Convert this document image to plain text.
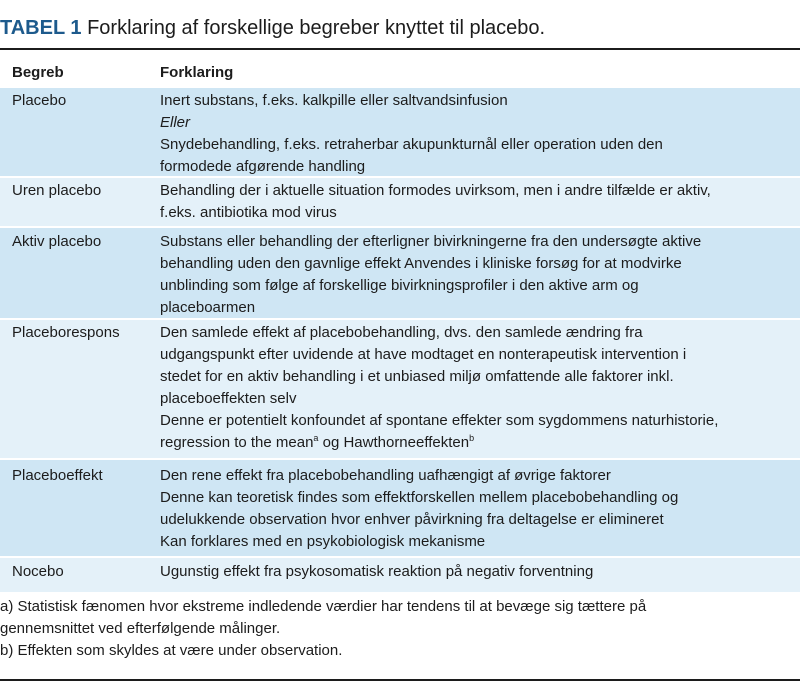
TABEL 1 Forklaring af forskellige begreber knyttet til placebo.
Begreb	Forklaring
Placebo	Inert substans, f.eks. kalkpille eller saltvandsinfusion
Eller
Snydebehandling, f.eks. retraherbar akupunkturnål eller operation uden den
formodede afgørende handling
Uren placebo	Behandling der i aktuelle situation formodes uvirksom, men i andre tilfælde er aktiv,
f.eks. antibiotika mod virus
Aktiv placebo	Substans eller behandling der efterligner bivirkningerne fra den undersøgte aktive
behandling uden den gavnlige effekt Anvendes i kliniske forsøg for at modvirke
unblinding som følge af forskellige bivirkningsprofiler i den aktive arm og
placeboarmen
Placeborespons	Den samlede effekt af placebobehandling, dvs. den samlede ændring fra
udgangspunkt efter uvidende at have modtaget en nonterapeutisk intervention i
stedet for en aktiv behandling i et unbiased miljø omfattende alle faktorer inkl.
placeboeffekten selv
Denne er potentielt konfoundet af spontane effekter som sygdommens naturhistorie,
regression to the mean$^a$ og Hawthorneeffekten$^b$
Placeboeffekt	Den rene effekt fra placebobehandling uafhængigt af øvrige faktorer
Denne kan teoretisk findes som effektforskellen mellem placebobehandling og
udelukkende observation hvor enhver påvirkning fra deltagelse er elimineret
Kan forklares med en psykobiologisk mekanisme
Nocebo	Ugunstig effekt fra psykosomatisk reaktion på negativ forventning
a) Statistisk fænomen hvor ekstreme indledende værdier har tendens til at bevæge sig tættere på
gennemsnittet ved efterfølgende målinger.
b) Effekten som skyldes at være under observation.
